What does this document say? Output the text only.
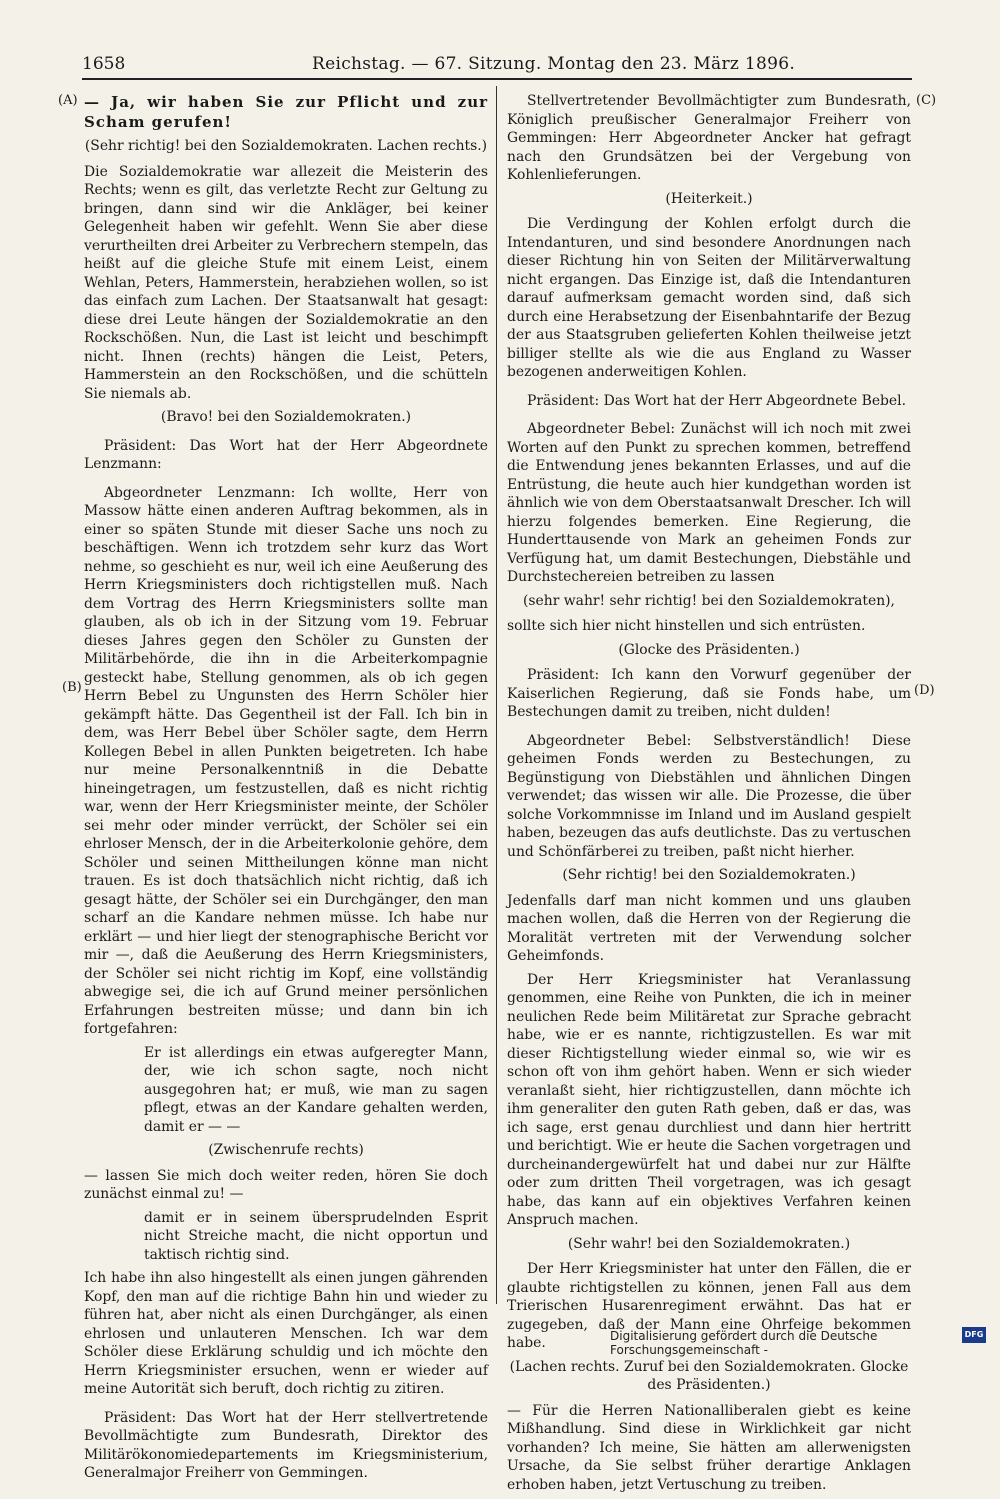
1658	Reichstag. — 67. Sitzung. Montag den 23. März 1896.
(A)
(B)
(C)
(D)

— Ja, wir haben Sie zur Pflicht und zur Scham gerufen!

(Sehr richtig! bei den Sozialdemokraten. Lachen rechts.)

Die Sozialdemokratie war allezeit die Meisterin des Rechts; wenn es gilt, das verletzte Recht zur Geltung zu bringen, dann sind wir die Ankläger, bei keiner Gelegenheit haben wir gefehlt. Wenn Sie aber diese verurtheilten drei Arbeiter zu Verbrechern stempeln, das heißt auf die gleiche Stufe mit einem Leist, einem Wehlan, Peters, Hammerstein, herabziehen wollen, so ist das einfach zum Lachen. Der Staatsanwalt hat gesagt: diese drei Leute hängen der Sozialdemokratie an den Rockschößen. Nun, die Last ist leicht und beschimpft nicht. Ihnen (rechts) hängen die Leist, Peters, Hammerstein an den Rockschößen, und die schütteln Sie niemals ab.

(Bravo! bei den Sozialdemokraten.)

Präsident: Das Wort hat der Herr Abgeordnete Lenzmann:

Abgeordneter Lenzmann: Ich wollte, Herr von Massow hätte einen anderen Auftrag bekommen, als in einer so späten Stunde mit dieser Sache uns noch zu beschäftigen. Wenn ich trotzdem sehr kurz das Wort nehme, so geschieht es nur, weil ich eine Aeußerung des Herrn Kriegsministers doch richtigstellen muß. Nach dem Vortrag des Herrn Kriegsministers sollte man glauben, als ob ich in der Sitzung vom 19. Februar dieses Jahres gegen den Schöler zu Gunsten der Militärbehörde, die ihn in die Arbeiterkompagnie gesteckt habe, Stellung genommen, als ob ich gegen Herrn Bebel zu Ungunsten des Herrn Schöler hier gekämpft hätte. Das Gegentheil ist der Fall. Ich bin in dem, was Herr Bebel über Schöler sagte, dem Herrn Kollegen Bebel in allen Punkten beigetreten. Ich habe nur meine Personalkenntniß in die Debatte hineingetragen, um festzustellen, daß es nicht richtig war, wenn der Herr Kriegsminister meinte, der Schöler sei mehr oder minder verrückt, der Schöler sei ein ehrloser Mensch, der in die Arbeiterkolonie gehöre, dem Schöler und seinen Mittheilungen könne man nicht trauen. Es ist doch thatsächlich nicht richtig, daß ich gesagt hätte, der Schöler sei ein Durchgänger, den man scharf an die Kandare nehmen müsse. Ich habe nur erklärt — und hier liegt der stenographische Bericht vor mir —, daß die Aeußerung des Herrn Kriegsministers, der Schöler sei nicht richtig im Kopf, eine vollständig abwegige sei, die ich auf Grund meiner persönlichen Erfahrungen bestreiten müsse; und dann bin ich fortgefahren:

Er ist allerdings ein etwas aufgeregter Mann, der, wie ich schon sagte, noch nicht ausgegohren hat; er muß, wie man zu sagen pflegt, etwas an der Kandare gehalten werden, damit er — —

(Zwischenrufe rechts)

— lassen Sie mich doch weiter reden, hören Sie doch zunächst einmal zu! —

damit er in seinem übersprudelnden Esprit nicht Streiche macht, die nicht opportun und taktisch richtig sind.

Ich habe ihn also hingestellt als einen jungen gährenden Kopf, den man auf die richtige Bahn hin und wieder zu führen hat, aber nicht als einen Durchgänger, als einen ehrlosen und unlauteren Menschen. Ich war dem Schöler diese Erklärung schuldig und ich möchte den Herrn Kriegsminister ersuchen, wenn er wieder auf meine Autorität sich beruft, doch richtig zu zitiren.

Präsident: Das Wort hat der Herr stellvertretende Bevollmächtigte zum Bundesrath, Direktor des Militärökonomiedepartements im Kriegsministerium, Generalmajor Freiherr von Gemmingen.

Stellvertretender Bevollmächtigter zum Bundesrath, Königlich preußischer Generalmajor Freiherr von Gemmingen: Herr Abgeordneter Ancker hat gefragt nach den Grundsätzen bei der Vergebung von Kohlenlieferungen.

(Heiterkeit.)

Die Verdingung der Kohlen erfolgt durch die Intendanturen, und sind besondere Anordnungen nach dieser Richtung hin von Seiten der Militärverwaltung nicht ergangen. Das Einzige ist, daß die Intendanturen darauf aufmerksam gemacht worden sind, daß sich durch eine Herabsetzung der Eisenbahntarife der Bezug der aus Staatsgruben gelieferten Kohlen theilweise jetzt billiger stellte als wie die aus England zu Wasser bezogenen anderweitigen Kohlen.

Präsident: Das Wort hat der Herr Abgeordnete Bebel.

Abgeordneter Bebel: Zunächst will ich noch mit zwei Worten auf den Punkt zu sprechen kommen, betreffend die Entwendung jenes bekannten Erlasses, und auf die Entrüstung, die heute auch hier kundgethan worden ist ähnlich wie von dem Oberstaatsanwalt Drescher. Ich will hierzu folgendes bemerken. Eine Regierung, die Hunderttausende von Mark an geheimen Fonds zur Verfügung hat, um damit Bestechungen, Diebstähle und Durchstechereien betreiben zu lassen

(sehr wahr! sehr richtig! bei den Sozialdemokraten),

sollte sich hier nicht hinstellen und sich entrüsten.

(Glocke des Präsidenten.)

Präsident: Ich kann den Vorwurf gegenüber der Kaiserlichen Regierung, daß sie Fonds habe, um Bestechungen damit zu treiben, nicht dulden!

Abgeordneter Bebel: Selbstverständlich! Diese geheimen Fonds werden zu Bestechungen, zu Begünstigung von Diebstählen und ähnlichen Dingen verwendet; das wissen wir alle. Die Prozesse, die über solche Vorkommnisse im Inland und im Ausland gespielt haben, bezeugen das aufs deutlichste. Das zu vertuschen und Schönfärberei zu treiben, paßt nicht hierher.

(Sehr richtig! bei den Sozialdemokraten.)

Jedenfalls darf man nicht kommen und uns glauben machen wollen, daß die Herren von der Regierung die Moralität vertreten mit der Verwendung solcher Geheimfonds.

Der Herr Kriegsminister hat Veranlassung genommen, eine Reihe von Punkten, die ich in meiner neulichen Rede beim Militäretat zur Sprache gebracht habe, wie er es nannte, richtigzustellen. Es war mit dieser Richtigstellung wieder einmal so, wie wir es schon oft von ihm gehört haben. Wenn er sich wieder veranlaßt sieht, hier richtigzustellen, dann möchte ich ihm generaliter den guten Rath geben, daß er das, was ich sage, erst genau durchliest und dann hier hertritt und berichtigt. Wie er heute die Sachen vorgetragen und durcheinandergewürfelt hat und dabei nur zur Hälfte oder zum dritten Theil vorgetragen, was ich gesagt habe, das kann auf ein objektives Verfahren keinen Anspruch machen.

(Sehr wahr! bei den Sozialdemokraten.)

Der Herr Kriegsminister hat unter den Fällen, die er glaubte richtigstellen zu können, jenen Fall aus dem Trierischen Husarenregiment erwähnt. Das hat er zugegeben, daß der Mann eine Ohrfeige bekommen habe.

(Lachen rechts. Zuruf bei den Sozialdemokraten. Glocke des Präsidenten.)

— Für die Herren Nationalliberalen giebt es keine Mißhandlung. Sind diese in Wirklichkeit gar nicht vorhanden? Ich meine, Sie hätten am allerwenigsten Ursache, da Sie selbst früher derartige Anklagen erhoben haben, jetzt Vertuschung zu treiben.

Digitalisierung gefördert durch die Deutsche Forschungsgemeinschaft -
DFG
